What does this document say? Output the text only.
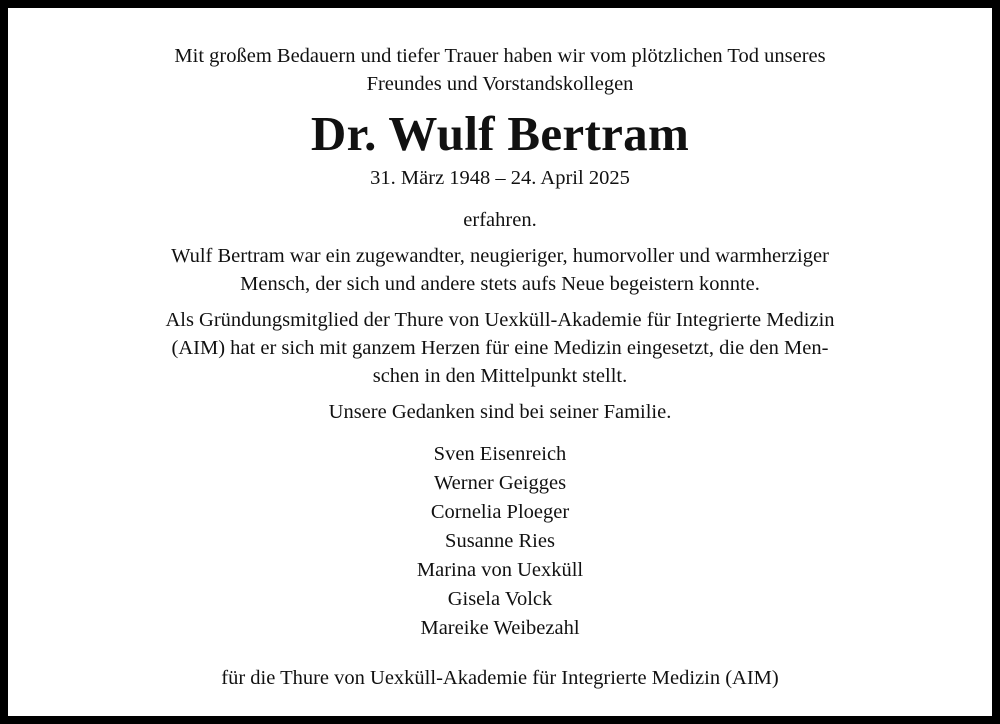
Mit großem Bedauern und tiefer Trauer haben wir vom plötzlichen Tod unseres

Freundes und Vorstandskollegen

Dr. Wulf Bertram

31. März 1948 – 24. April 2025

erfahren.

Wulf Bertram war ein zugewandter, neugieriger, humorvoller und warmherziger

Mensch, der sich und andere stets aufs Neue begeistern konnte.

Als Gründungsmitglied der Thure von Uexküll-Akademie für Integrierte Medizin

(AIM) hat er sich mit ganzem Herzen für eine Medizin eingesetzt, die den Men-

schen in den Mittelpunkt stellt.

Unsere Gedanken sind bei seiner Familie.

Sven Eisenreich
Werner Geigges
Cornelia Ploeger
Susanne Ries
Marina von Uexküll
Gisela Volck
Mareike Weibezahl

für die Thure von Uexküll-Akademie für Integrierte Medizin (AIM)
